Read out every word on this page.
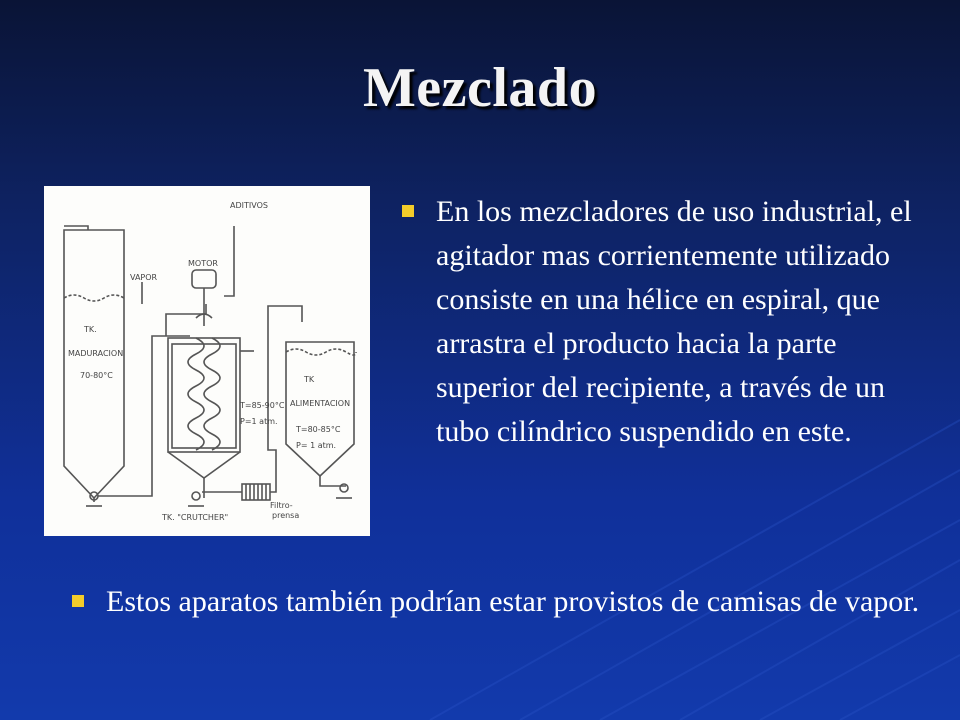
Mezclado
ADITIVOS
MOTOR
VAPOR
TK.
MADURACION
70-80°C
T=85-90°C
P=1 atm.
TK
ALIMENTACION
T=80-85°C
P= 1 atm.
TK. "CRUTCHER"
Filtro-
prensa
En los mezcladores de uso industrial, el agitador mas corrientemente utilizado consiste en una hélice en espiral, que arrastra el producto hacia la parte superior del recipiente, a través de un tubo cilíndrico suspendido en este.
Estos aparatos también podrían estar provistos de camisas de vapor.
